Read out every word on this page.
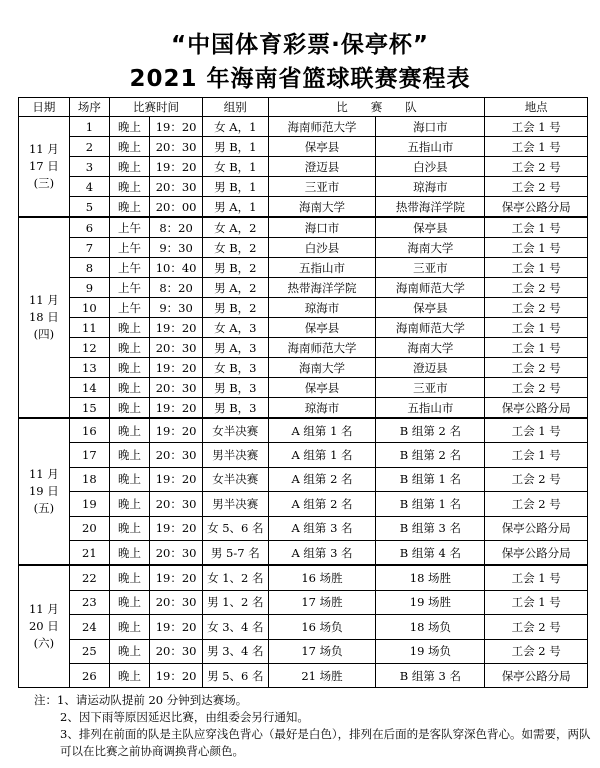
“中国体育彩票·保亭杯”
2021 年海南省篮球联赛赛程表
日期	场序	比赛时间		组别	比　　赛　　队		地点

11 月
17 日
(三)	1	晚上	19：20	女 A，1	海南师范大学	海口市	工会 1 号
	2	晚上	20：30	男 B，1	保亭县	五指山市	工会 1 号
	3	晚上	19：20	女 B，1	澄迈县	白沙县	工会 2 号
	4	晚上	20：30	男 B，1	三亚市	琼海市	工会 2 号
	5	晚上	20：00	男 A，1	海南大学	热带海洋学院	保亭公路分局

11 月
18 日
(四)	6	上午	8：20	女 A，2	海口市	保亭县	工会 1 号
	7	上午	9：30	女 B，2	白沙县	海南大学	工会 1 号
	8	上午	10：40	男 B，2	五指山市	三亚市	工会 1 号
	9	上午	8：20	男 A，2	热带海洋学院	海南师范大学	工会 2 号
	10	上午	9：30	男 B，2	琼海市	保亭县	工会 2 号
	11	晚上	19：20	女 A，3	保亭县	海南师范大学	工会 1 号
	12	晚上	20：30	男 A，3	海南师范大学	海南大学	工会 1 号
	13	晚上	19：20	女 B，3	海南大学	澄迈县	工会 2 号
	14	晚上	20：30	男 B，3	保亭县	三亚市	工会 2 号
	15	晚上	19：20	男 B，3	琼海市	五指山市	保亭公路分局

11 月
19 日
(五)	16	晚上	19：20	女半决赛	A 组第 1 名	B 组第 2 名	工会 1 号
	17	晚上	20：30	男半决赛	A 组第 1 名	B 组第 2 名	工会 1 号
	18	晚上	19：20	女半决赛	A 组第 2 名	B 组第 1 名	工会 2 号
	19	晚上	20：30	男半决赛	A 组第 2 名	B 组第 1 名	工会 2 号
	20	晚上	19：20	女 5、6 名	A 组第 3 名	B 组第 3 名	保亭公路分局
	21	晚上	20：30	男 5-7 名	A 组第 3 名	B 组第 4 名	保亭公路分局

11 月
20 日
(六)	22	晚上	19：20	女 1、2 名	16 场胜	18 场胜	工会 1 号
	23	晚上	20：30	男 1、2 名	17 场胜	19 场胜	工会 1 号
	24	晚上	19：20	女 3、4 名	16 场负	18 场负	工会 2 号
	25	晚上	20：30	男 3、4 名	17 场负	19 场负	工会 2 号
	26	晚上	19：20	男 5、6 名	21 场胜	B 组第 3 名	保亭公路分局

注：1、请运动队提前 20 分钟到达赛场。

2、因下雨等原因延迟比赛，由组委会另行通知。

3、排列在前面的队是主队应穿浅色背心（最好是白色），排列在后面的是客队穿深色背心。如需要，两队可以在比赛之前协商调换背心颜色。
